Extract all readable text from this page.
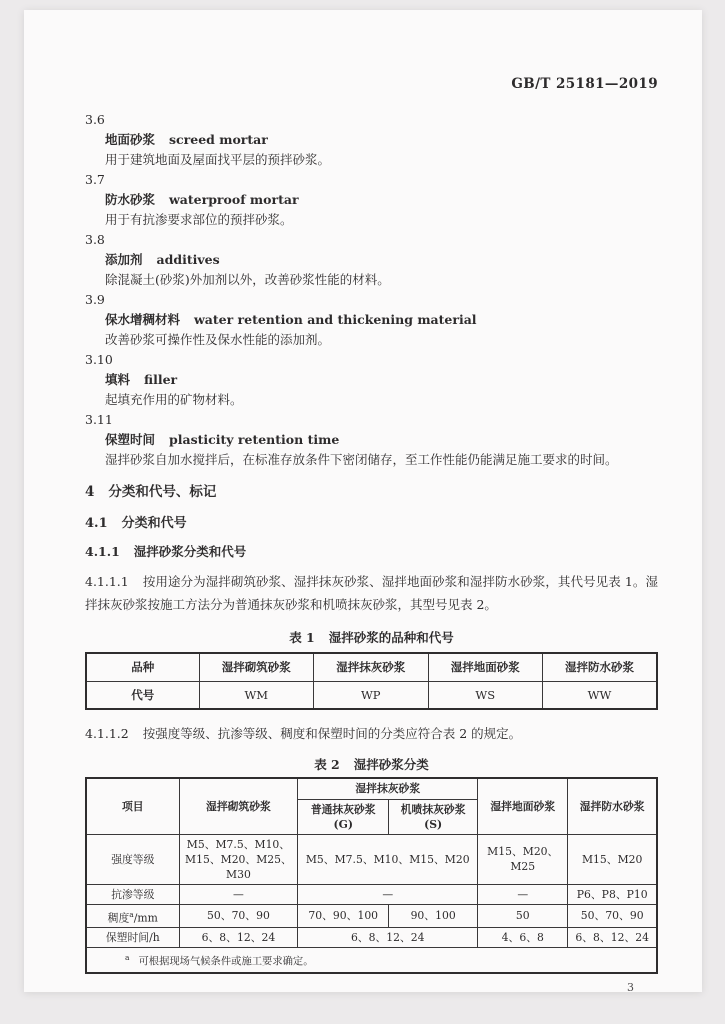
GB/T 25181—2019
3.6
地面砂浆 screed mortar
用于建筑地面及屋面找平层的预拌砂浆。
3.7
防水砂浆 waterproof mortar
用于有抗渗要求部位的预拌砂浆。
3.8
添加剂 additives
除混凝土(砂浆)外加剂以外，改善砂浆性能的材料。
3.9
保水增稠材料 water retention and thickening material
改善砂浆可操作性及保水性能的添加剂。
3.10
填料 filler
起填充作用的矿物材料。
3.11
保塑时间 plasticity retention time
湿拌砂浆自加水搅拌后，在标准存放条件下密闭储存，至工作性能仍能满足施工要求的时间。
4 分类和代号、标记
4.1 分类和代号
4.1.1 湿拌砂浆分类和代号

4.1.1.1 按用途分为湿拌砌筑砂浆、湿拌抹灰砂浆、湿拌地面砂浆和湿拌防水砂浆，其代号见表 1。湿拌抹灰砂浆按施工方法分为普通抹灰砂浆和机喷抹灰砂浆，其型号见表 2。

表 1 湿拌砂浆的品种和代号
品种	湿拌砌筑砂浆	湿拌抹灰砂浆	湿拌地面砂浆	湿拌防水砂浆
代号	WM	WP	WS	WW

4.1.1.2 按强度等级、抗渗等级、稠度和保塑时间的分类应符合表 2 的规定。

表 2 湿拌砂浆分类
项目	湿拌砌筑砂浆	湿拌抹灰砂浆		湿拌地面砂浆	湿拌防水砂浆
		普通抹灰砂浆(G)	机喷抹灰砂浆(S)		
强度等级	M5、M7.5、M10、M15、M20、M25、M30	M5、M7.5、M10、M15、M20		M15、M20、M25	M15、M20
抗渗等级	—	—		—	P6、P8、P10
稠度$^a$/mm	50、70、90	70、90、100	90、100	50	50、70、90
保塑时间/h	6、8、12、24	6、8、12、24		4、6、8	6、8、12、24
$^a$ 可根据现场气候条件或施工要求确定。					
3
